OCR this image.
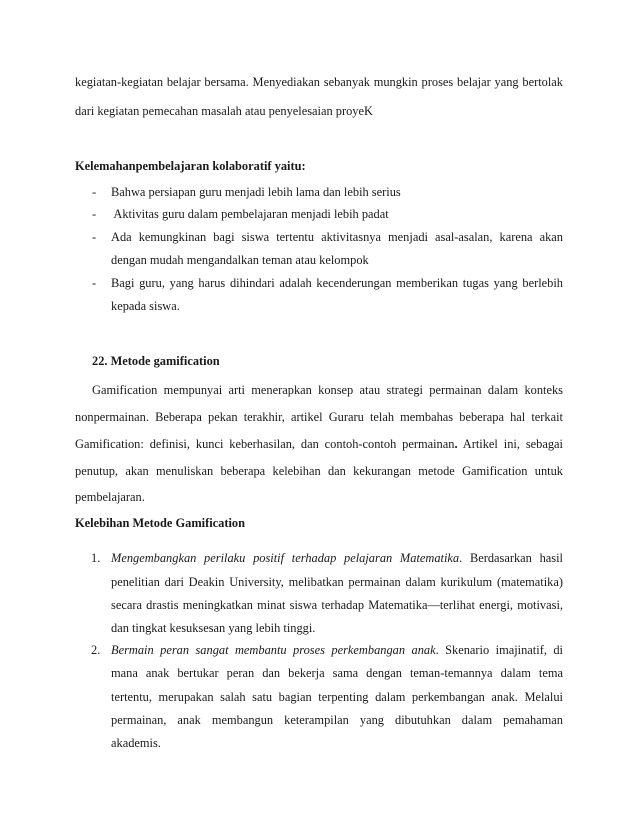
kegiatan-kegiatan belajar bersama. Menyediakan sebanyak mungkin proses belajar yang bertolak
dari kegiatan pemecahan masalah atau penyelesaian proyeK
Kelemahanpembelajaran kolaboratif yaitu:
- Bahwa persiapan guru menjadi lebih lama dan lebih serius
- Aktivitas guru dalam pembelajaran menjadi lebih padat
- Ada kemungkinan bagi siswa tertentu aktivitasnya menjadi asal-asalan, karena akan
dengan mudah mengandalkan teman atau kelompok
- Bagi guru, yang harus dihindari adalah kecenderungan memberikan tugas yang berlebih
kepada siswa.
22. Metode gamification
Gamification mempunyai arti menerapkan konsep atau strategi permainan dalam konteks
nonpermainan. Beberapa pekan terakhir, artikel Guraru telah membahas beberapa hal terkait
Gamification: definisi, kunci keberhasilan, dan contoh-contoh permainan. Artikel ini, sebagai
penutup, akan menuliskan beberapa kelebihan dan kekurangan metode Gamification untuk
pembelajaran.
Kelebihan Metode Gamification
1. Mengembangkan perilaku positif terhadap pelajaran Matematika. Berdasarkan hasil
penelitian dari Deakin University, melibatkan permainan dalam kurikulum (matematika)
secara drastis meningkatkan minat siswa terhadap Matematika—terlihat energi, motivasi,
dan tingkat kesuksesan yang lebih tinggi.
2. Bermain peran sangat membantu proses perkembangan anak. Skenario imajinatif, di
mana anak bertukar peran dan bekerja sama dengan teman-temannya dalam tema
tertentu, merupakan salah satu bagian terpenting dalam perkembangan anak. Melalui
permainan, anak membangun keterampilan yang dibutuhkan dalam pemahaman
akademis.
